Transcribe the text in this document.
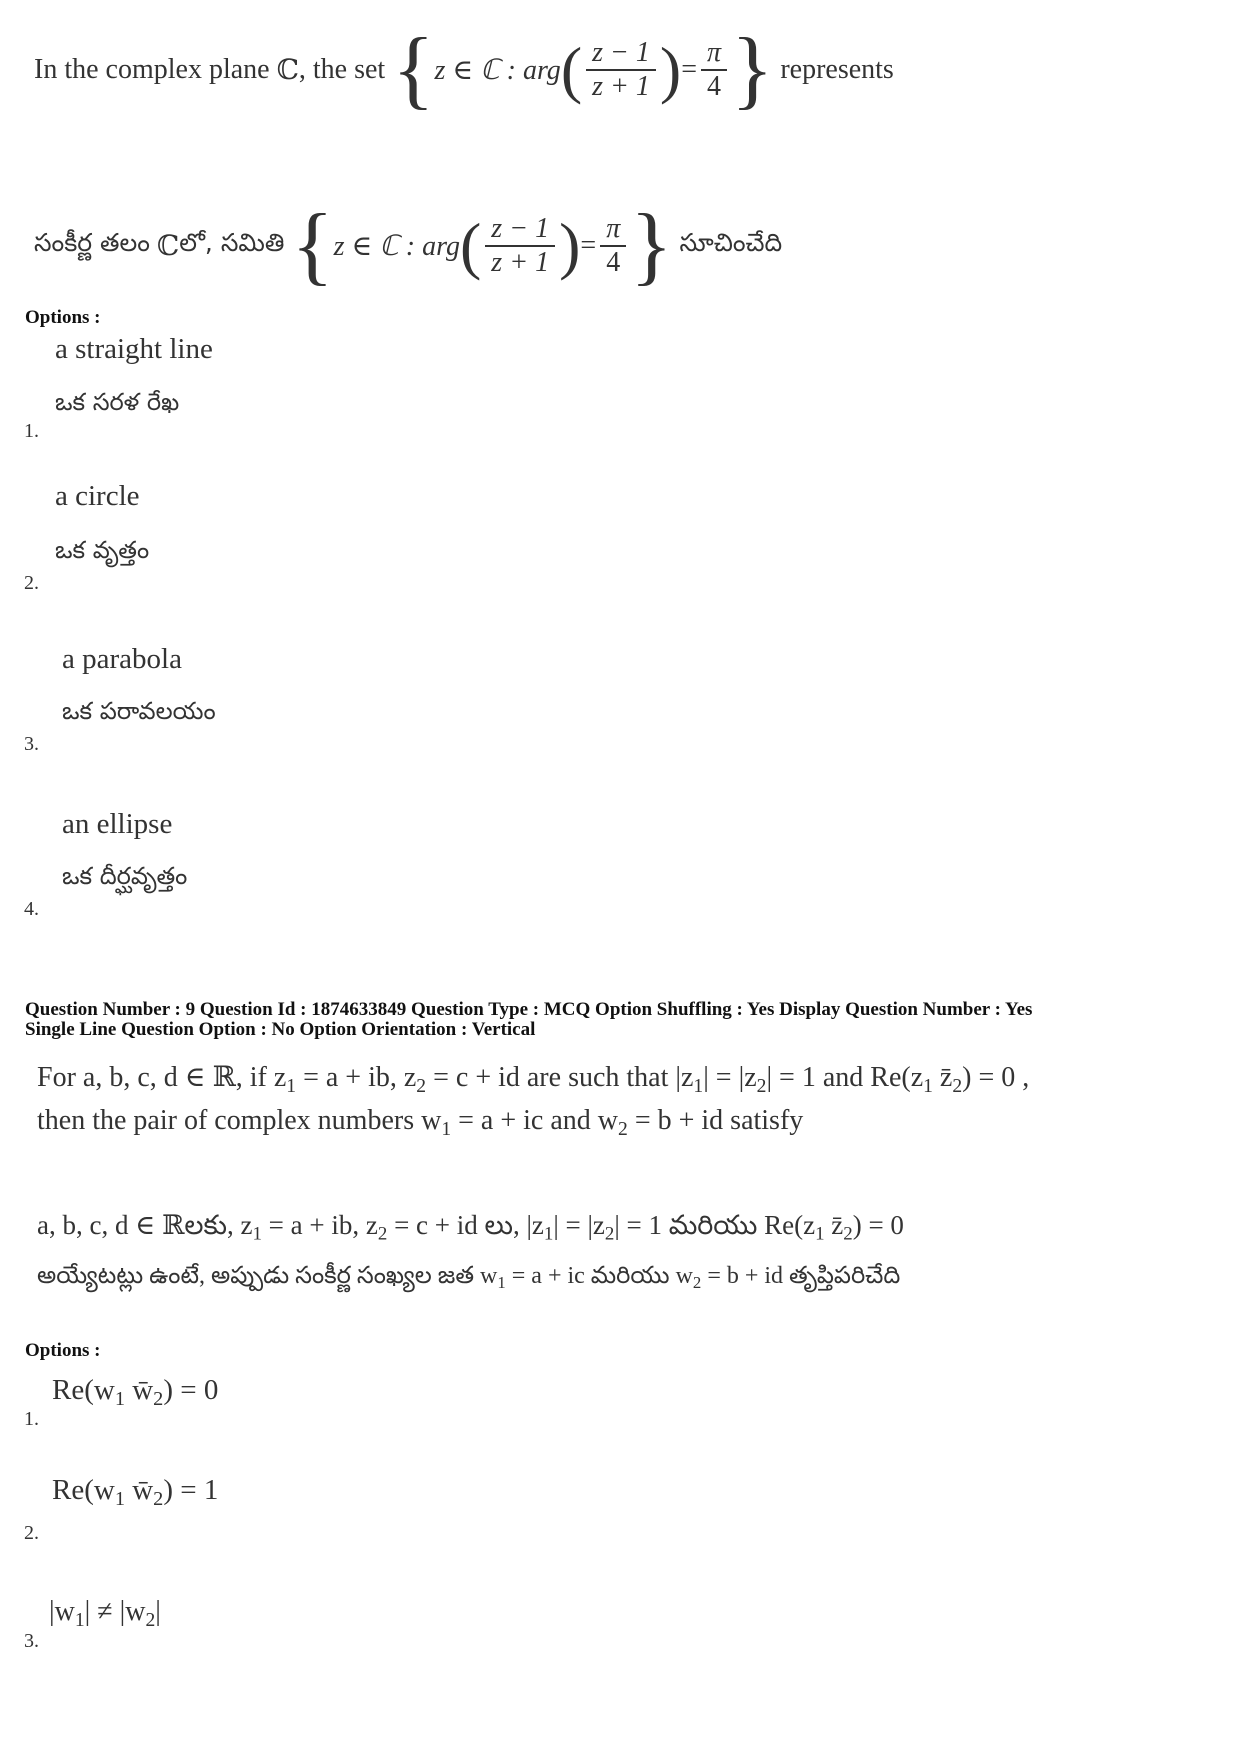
In the complex plane
ℂ , the set
{ z ∈ ℂ : arg ( $\frac{z - 1}{z + 1}$ ) = $\frac{\pi}{4}$ }
represents
సంకీర్ణ తలం
ℂ లో, సమితి
{ z ∈ ℂ : arg ( $\frac{z - 1}{z + 1}$ ) = $\frac{\pi}{4}$ }
సూచించేది
Options :
a straight line
ఒక సరళ రేఖ
1.
a circle
ఒక వృత్తం
2.
a parabola
ఒక పరావలయం
3.
an ellipse
ఒక దీర్ఘవృత్తం
4.
Question Number : 9 Question Id : 1874633849 Question Type : MCQ Option Shuffling : Yes Display Question Number : Yes
Single Line Question Option : No Option Orientation : Vertical
For a, b, c, d ∈ ℝ, if $z_1 = a$ + ib, $z_2 = c$ + id are such that $|z_1| = |z_2| = 1$ and $Re(z_1$ $z̄_2) = 0$ ,
then the pair of complex numbers $w_1 = a$ + ic and $w_2 = b$ + id satisfy
a, b, c, d ∈ ℝలకు, $z_1 = a$ + ib, $z_2 = c$ + id లు, $|z_1| = |z_2| = 1$ మరియు $Re(z_1$ $z̄_2) = 0$
అయ్యేటట్లు ఉంటే, అప్పుడు సంకీర్ణ సంఖ్యల జత $w_1 = a$ + ic మరియు $w_2 = b$ + id తృప్తిపరిచేది
Options :
$Re(w_1$ $w̄_2) = 0$
1.
$Re(w_1$ $w̄_2) = 1$
2.
$|w_1| \ne |w_2|$
3.
